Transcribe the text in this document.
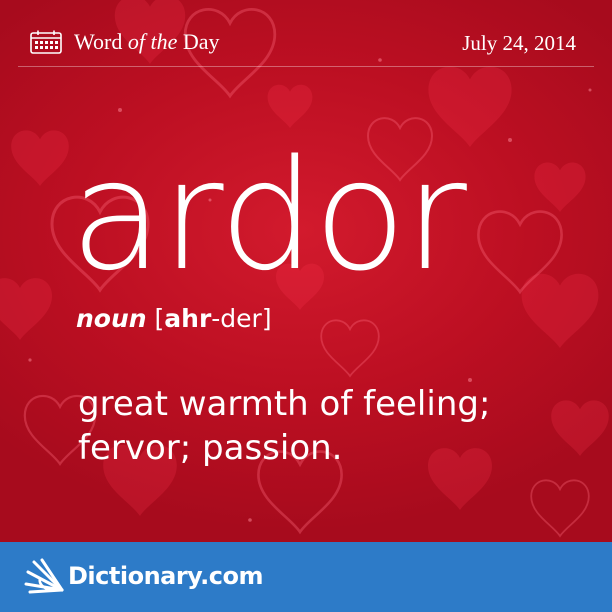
Word of the Day	July 24, 2014
ardor
noun [ahr-der]
great warmth of feeling;
fervor; passion.
Dictionary.com
